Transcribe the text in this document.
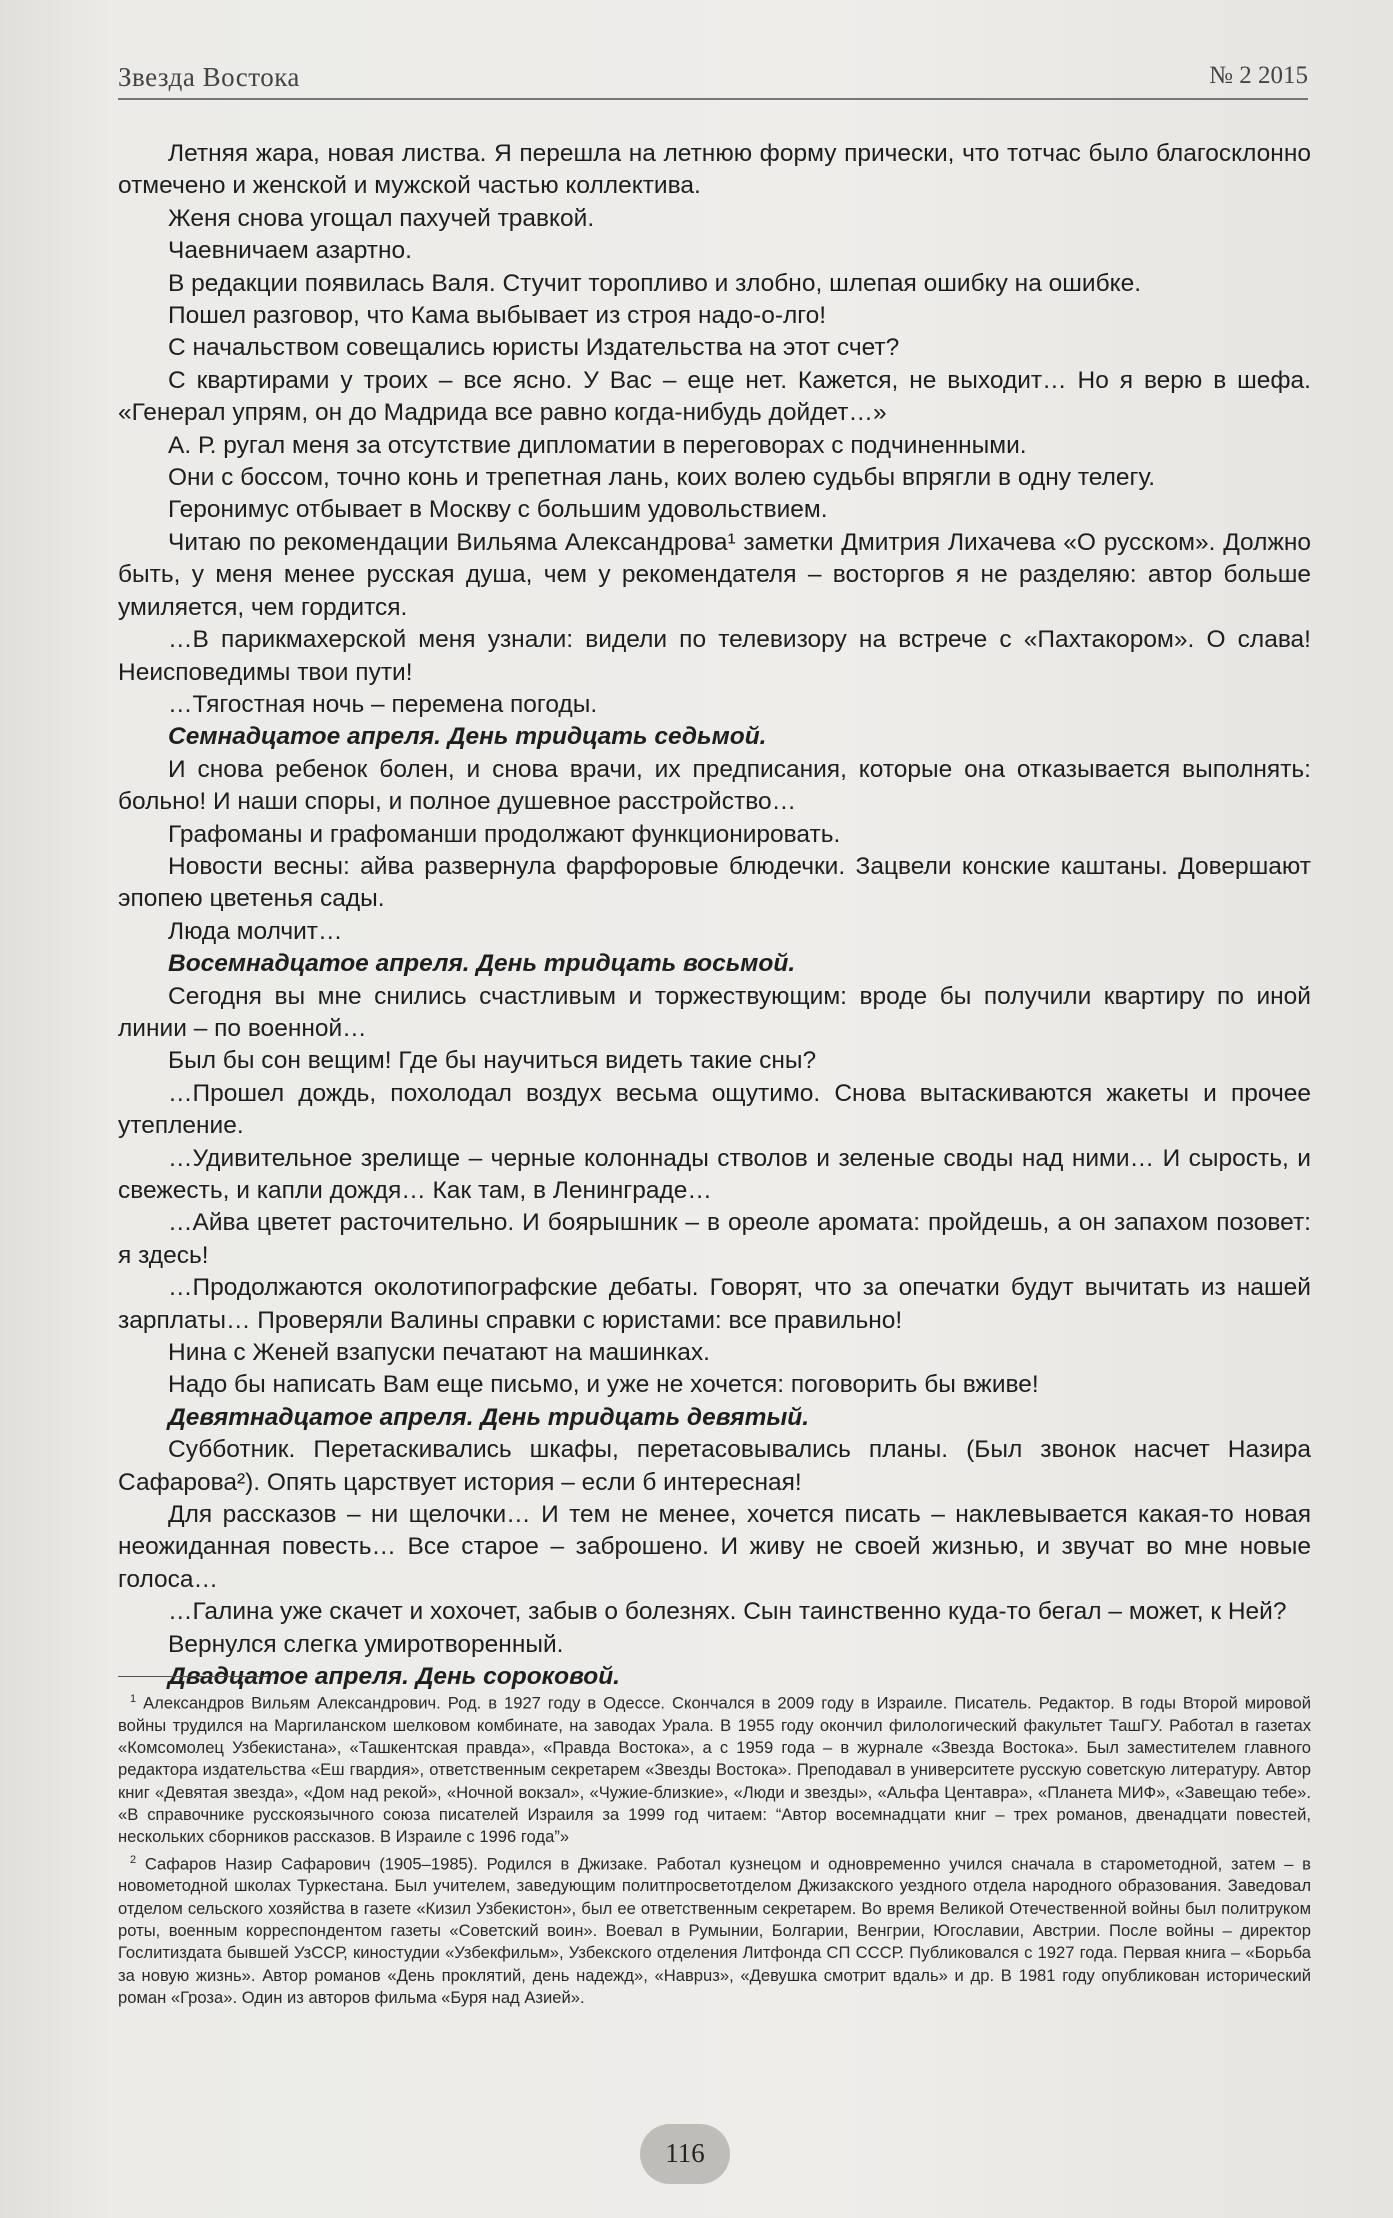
Звезда Востока	№ 2 2015

Летняя жара, новая листва. Я перешла на летнюю форму прически, что тотчас было благосклонно отмечено и женской и мужской частью коллектива.

Женя снова угощал пахучей травкой.

Чаевничаем азартно.

В редакции появилась Валя. Стучит торопливо и злобно, шлепая ошибку на ошибке.

Пошел разговор, что Кама выбывает из строя надо-о-лго!

С начальством совещались юристы Издательства на этот счет?

С квартирами у троих – все ясно. У Вас – еще нет. Кажется, не выходит… Но я верю в шефа. «Генерал упрям, он до Мадрида все равно когда-нибудь дойдет…»

А. Р. ругал меня за отсутствие дипломатии в переговорах с подчиненными.

Они с боссом, точно конь и трепетная лань, коих волею судьбы впрягли в одну телегу.

Геронимус отбывает в Москву с большим удовольствием.

Читаю по рекомендации Вильяма Александрова¹ заметки Дмитрия Лихачева «О русском». Должно быть, у меня менее русская душа, чем у рекомендателя – восторгов я не разделяю: автор больше умиляется, чем гордится.

…В парикмахерской меня узнали: видели по телевизору на встрече с «Пахтакором». О слава! Неисповедимы твои пути!

…Тягостная ночь – перемена погоды.

Семнадцатое апреля. День тридцать седьмой.

И снова ребенок болен, и снова врачи, их предписания, которые она отказывается выполнять: больно! И наши споры, и полное душевное расстройство…

Графоманы и графоманши продолжают функционировать.

Новости весны: айва развернула фарфоровые блюдечки. Зацвели конские каштаны. Довершают эпопею цветенья сады.

Люда молчит…

Восемнадцатое апреля. День тридцать восьмой.

Сегодня вы мне снились счастливым и торжествующим: вроде бы получили квартиру по иной линии – по военной…

Был бы сон вещим! Где бы научиться видеть такие сны?

…Прошел дождь, похолодал воздух весьма ощутимо. Снова вытаскиваются жакеты и прочее утепление.

…Удивительное зрелище – черные колоннады стволов и зеленые своды над ними… И сырость, и свежесть, и капли дождя… Как там, в Ленинграде…

…Айва цветет расточительно. И боярышник – в ореоле аромата: пройдешь, а он запахом позовет: я здесь!

…Продолжаются околотипографские дебаты. Говорят, что за опечатки будут вычитать из нашей зарплаты… Проверяли Валины справки с юристами: все правильно!

Нина с Женей взапуски печатают на машинках.

Надо бы написать Вам еще письмо, и уже не хочется: поговорить бы вживе!

Девятнадцатое апреля. День тридцать девятый.

Субботник. Перетаскивались шкафы, перетасовывались планы. (Был звонок насчет Назира Сафарова²). Опять царствует история – если б интересная!

Для рассказов – ни щелочки… И тем не менее, хочется писать – наклевывается какая-то новая неожиданная повесть… Все старое – заброшено. И живу не своей жизнью, и звучат во мне новые голоса…

…Галина уже скачет и хохочет, забыв о болезнях. Сын таинственно куда-то бегал – может, к Ней?

Вернулся слегка умиротворенный.

Двадцатое апреля. День сороковой.

$^1$ Александров Вильям Александрович. Род. в 1927 году в Одессе. Скончался в 2009 году в Израиле. Писатель. Редактор. В годы Второй мировой войны трудился на Маргиланском шелковом комбинате, на заводах Урала. В 1955 году окончил филологический факультет ТашГУ. Работал в газетах «Комсомолец Узбекистана», «Ташкентская правда», «Правда Востока», а с 1959 года – в журнале «Звезда Востока». Был заместителем главного редактора издательства «Еш гвардия», ответственным секретарем «Звезды Востока». Преподавал в университете русскую советскую литературу. Автор книг «Девятая звезда», «Дом над рекой», «Ночной вокзал», «Чужие-близкие», «Люди и звезды», «Альфа Центавра», «Планета МИФ», «Завещаю тебе». «В справочнике русскоязычного союза писателей Израиля за 1999 год читаем: “Автор восемнадцати книг – трех романов, двенадцати повестей, нескольких сборников рассказов. В Израиле с 1996 года”»

$^2$ Сафаров Назир Сафарович (1905–1985). Родился в Джизаке. Работал кузнецом и одновременно учился сначала в старометодной, затем – в новометодной школах Туркестана. Был учителем, заведующим политпросветотделом Джизакского уездного отдела народного образования. Заведовал отделом сельского хозяйства в газете «Кизил Узбекистон», был ее ответственным секретарем. Во время Великой Отечественной войны был политруком роты, военным корреспондентом газеты «Советский воин». Воевал в Румынии, Болгарии, Венгрии, Югославии, Австрии. После войны – директор Гослитиздата бывшей УзССР, киностудии «Узбекфильм», Узбекского отделения Литфонда СП СССР. Публиковался с 1927 года. Первая книга – «Борьба за новую жизнь». Автор романов «День проклятий, день надежд», «Наврuз», «Девушка смотрит вдаль» и др. В 1981 году опубликован исторический роман «Гроза». Один из авторов фильма «Буря над Азией».

116
